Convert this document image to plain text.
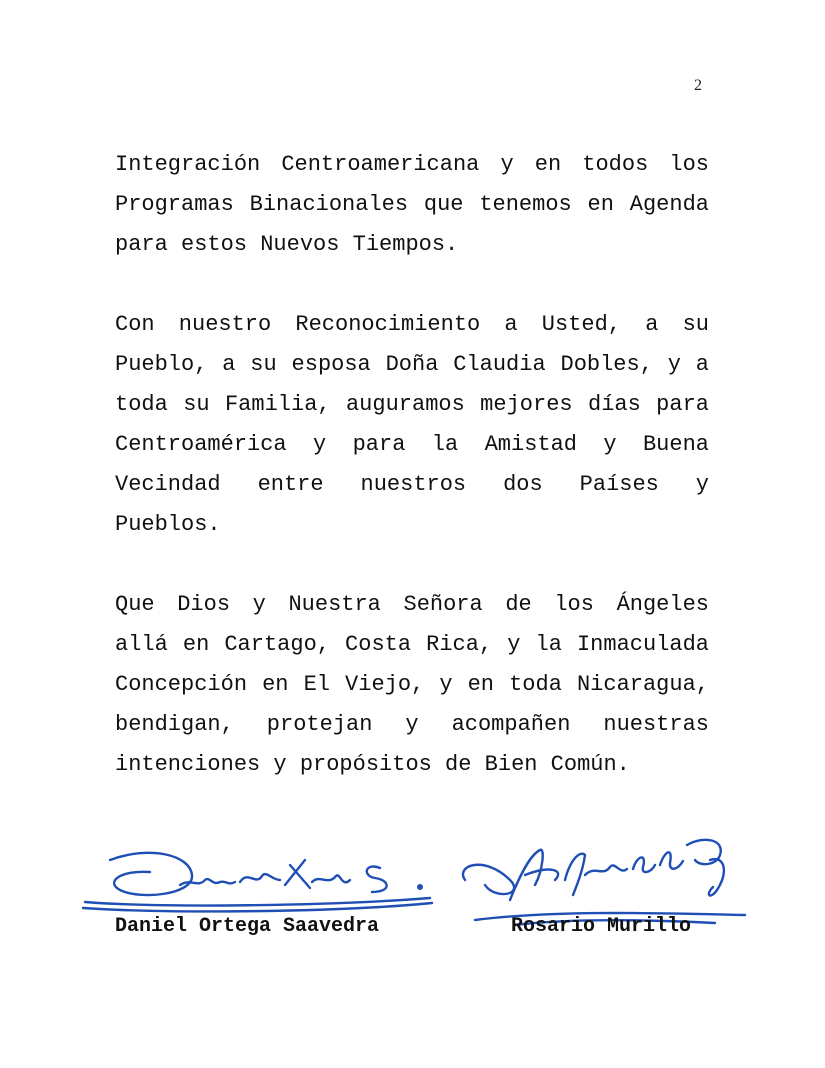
2

Integración Centroamericana y en todos los Programas Binacionales que tenemos en Agenda para estos Nuevos Tiempos.

Con nuestro Reconocimiento a Usted, a su Pueblo, a su esposa Doña Claudia Dobles, y a toda su Familia, auguramos mejores días para Centroamérica y para la Amistad y Buena Vecindad entre nuestros dos Países y Pueblos.

Que Dios y Nuestra Señora de los Ángeles allá en Cartago, Costa Rica, y la Inmaculada Concepción en El Viejo, y en toda Nicaragua, bendigan, protejan y acompañen nuestras intenciones y propósitos de Bien Común.

Daniel Ortega Saavedra	Rosario Murillo
